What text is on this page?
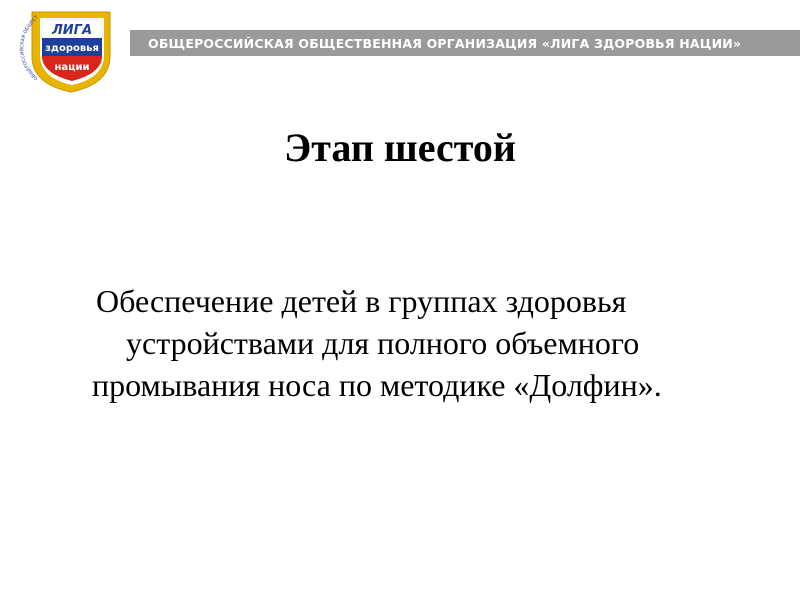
ЛИГА
здоровья
нации
ОБЩЕРОССИЙСКАЯ ОБЩЕСТ
ОБЩЕРОССИЙСКАЯ ОБЩЕСТВЕННАЯ ОРГАНИЗАЦИЯ «ЛИГА ЗДОРОВЬЯ НАЦИИ»
Этап шестой
Обеспечение детей в группах здоровья
устройствами для полного объемного
промывания носа по методике «Долфин».
